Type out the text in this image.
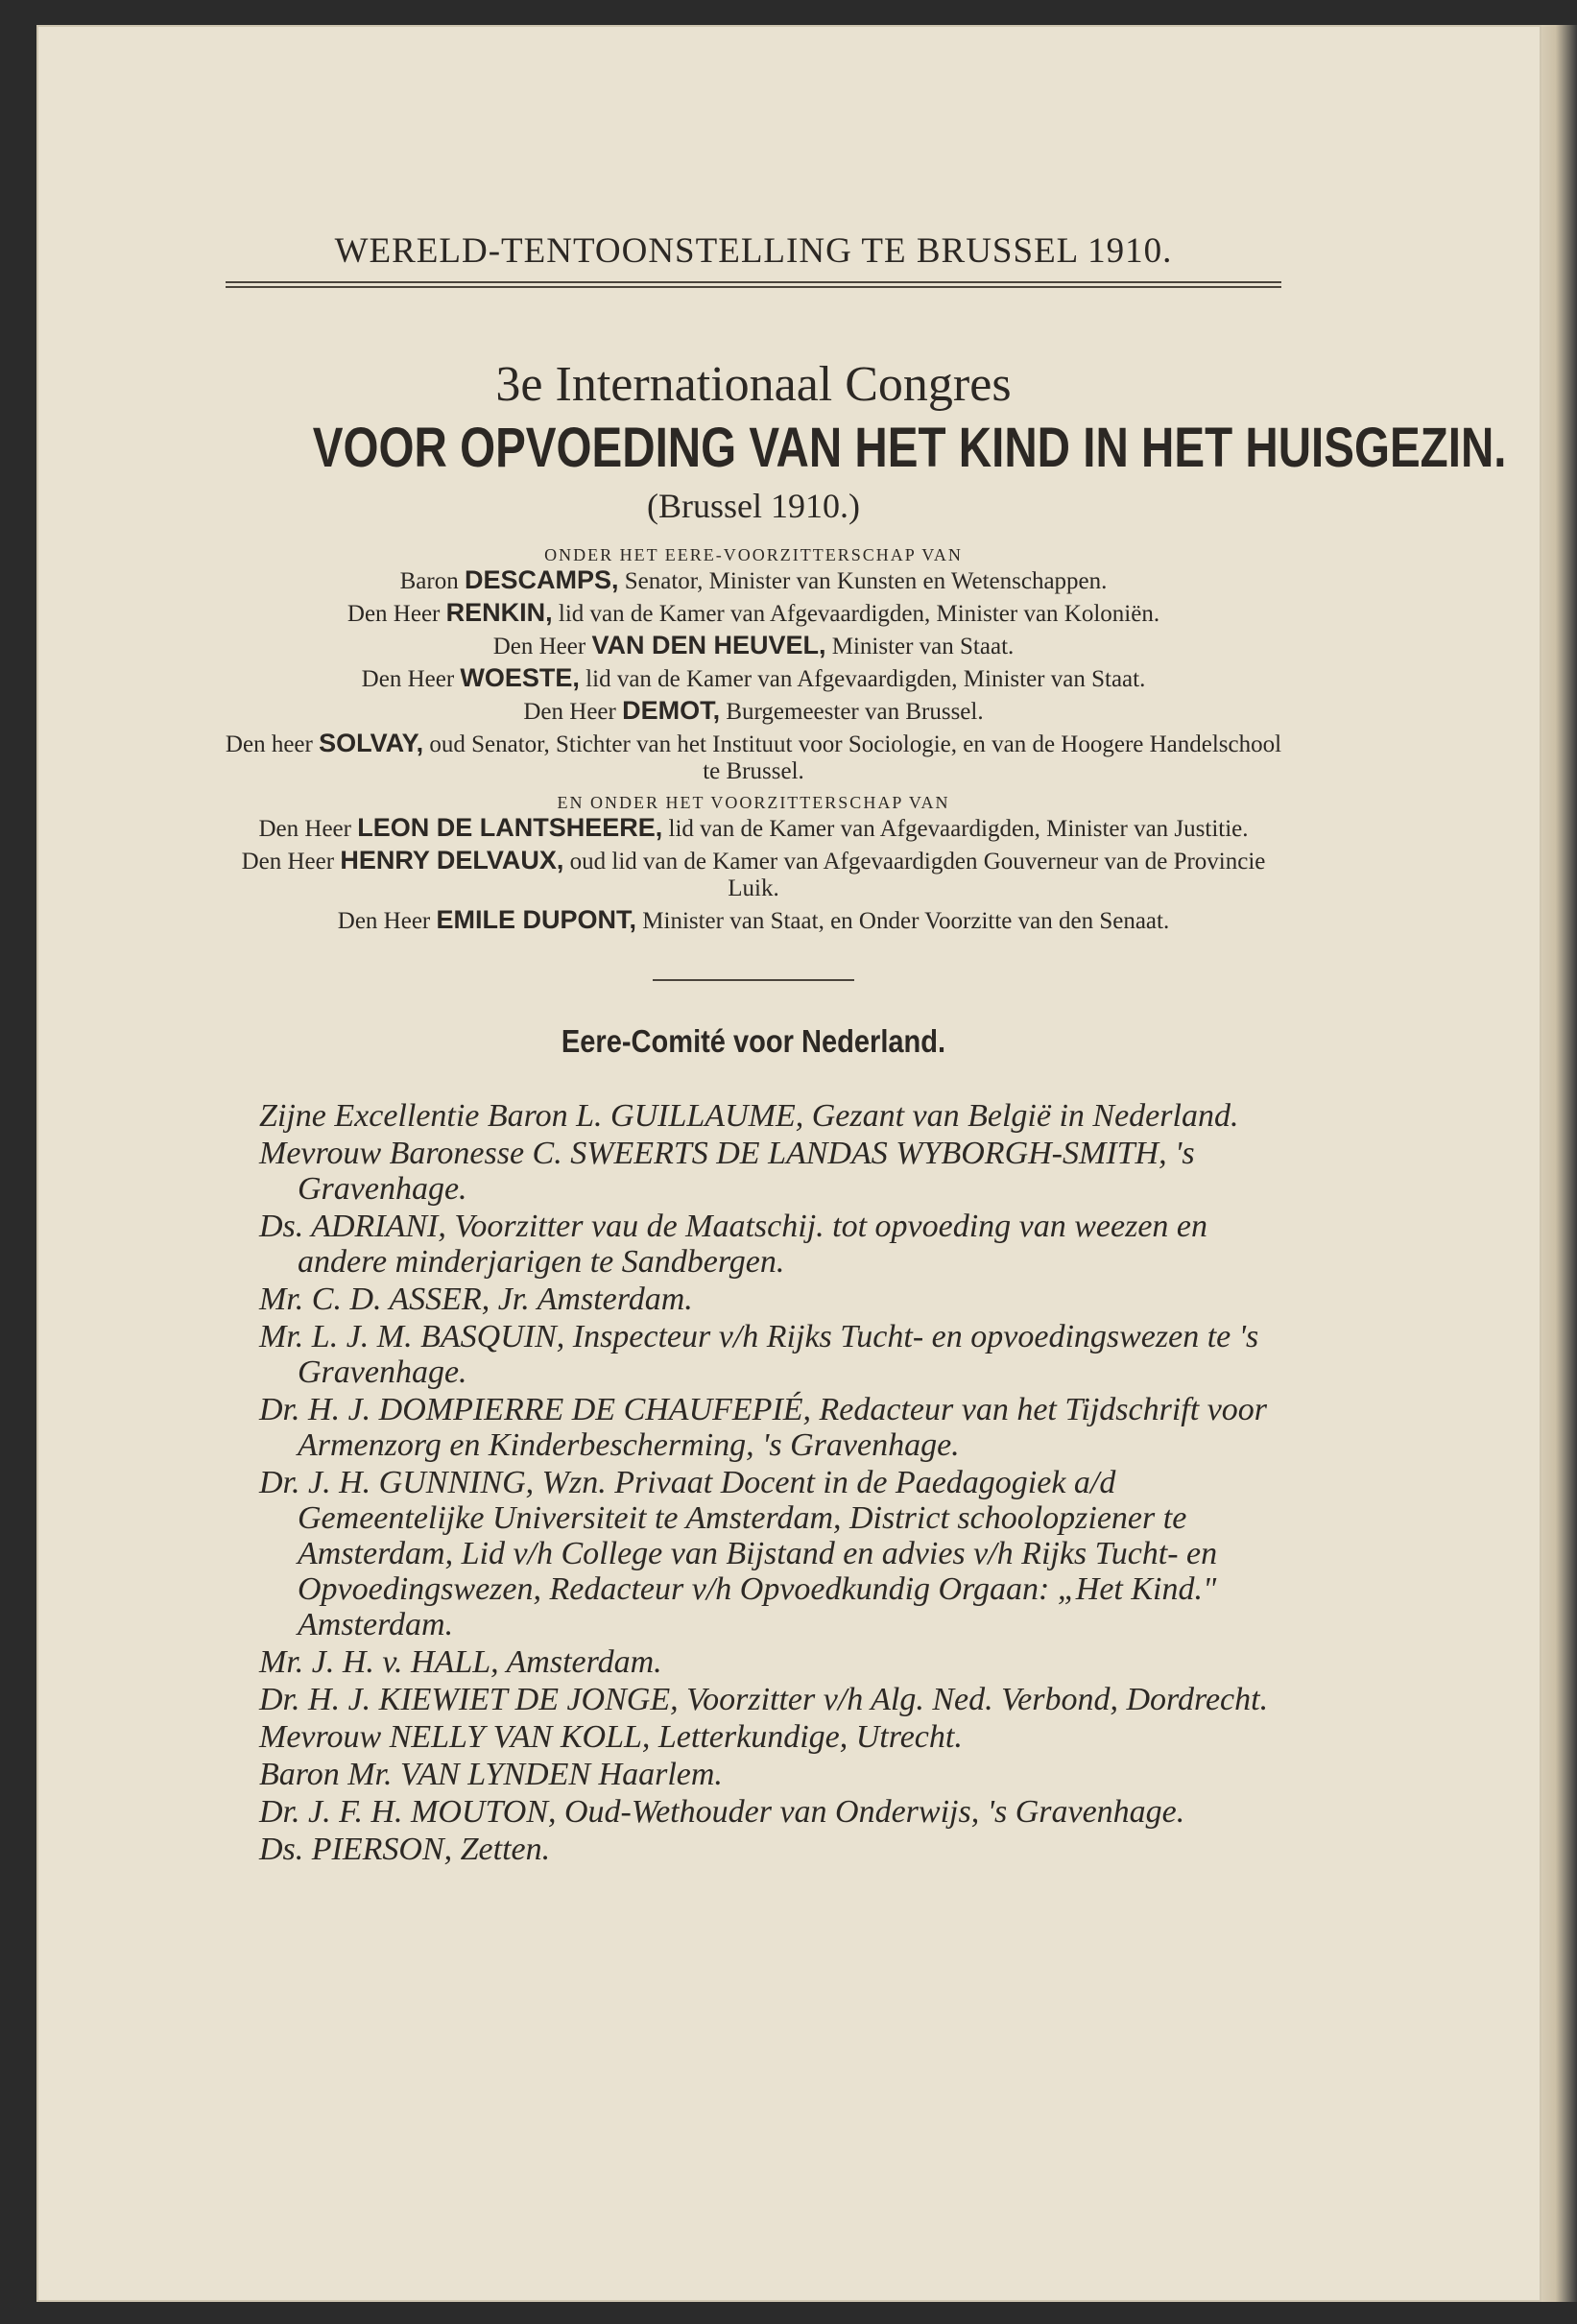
WERELD-TENTOONSTELLING TE BRUSSEL 1910.
3e Internationaal Congres
VOOR OPVOEDING VAN HET KIND IN HET HUISGEZIN.
(Brussel 1910.)
ONDER HET EERE-VOORZITTERSCHAP VAN
Baron DESCAMPS, Senator, Minister van Kunsten en Wetenschappen.
Den Heer RENKIN, lid van de Kamer van Afgevaardigden, Minister van Koloniën.
Den Heer VAN DEN HEUVEL, Minister van Staat.
Den Heer WOESTE, lid van de Kamer van Afgevaardigden, Minister van Staat.
Den Heer DEMOT, Burgemeester van Brussel.
Den heer SOLVAY, oud Senator, Stichter van het Instituut voor Sociologie, en van de Hoogere Handelschool te Brussel.
EN ONDER HET VOORZITTERSCHAP VAN
Den Heer LEON DE LANTSHEERE, lid van de Kamer van Afgevaardigden, Minister van Justitie.
Den Heer HENRY DELVAUX, oud lid van de Kamer van Afgevaardigden Gouverneur van de Provincie Luik.
Den Heer EMILE DUPONT, Minister van Staat, en Onder Voorzitte van den Senaat.
Eere-Comité voor Nederland.
Zijne Excellentie Baron L. GUILLAUME, Gezant van België in Nederland.
Mevrouw Baronesse C. SWEERTS DE LANDAS WYBORGH-SMITH, 's Gravenhage.
Ds. ADRIANI, Voorzitter vau de Maatschij. tot opvoeding van weezen en andere minderjarigen te Sandbergen.
Mr. C. D. ASSER, Jr. Amsterdam.
Mr. L. J. M. BASQUIN, Inspecteur v/h Rijks Tucht- en opvoedingswezen te 's Gravenhage.
Dr. H. J. DOMPIERRE DE CHAUFEPIÉ, Redacteur van het Tijdschrift voor Armenzorg en Kinderbescherming, 's Gravenhage.
Dr. J. H. GUNNING, Wzn. Privaat Docent in de Paedagogiek a/d Gemeentelijke Universiteit te Amsterdam, District schoolopziener te Amsterdam, Lid v/h College van Bijstand en advies v/h Rijks Tucht- en Opvoedingswezen, Redacteur v/h Opvoedkundig Orgaan: „Het Kind." Amsterdam.
Mr. J. H. v. HALL, Amsterdam.
Dr. H. J. KIEWIET DE JONGE, Voorzitter v/h Alg. Ned. Verbond, Dordrecht.
Mevrouw NELLY VAN KOLL, Letterkundige, Utrecht.
Baron Mr. VAN LYNDEN Haarlem.
Dr. J. F. H. MOUTON, Oud-Wethouder van Onderwijs, 's Gravenhage.
Ds. PIERSON, Zetten.
